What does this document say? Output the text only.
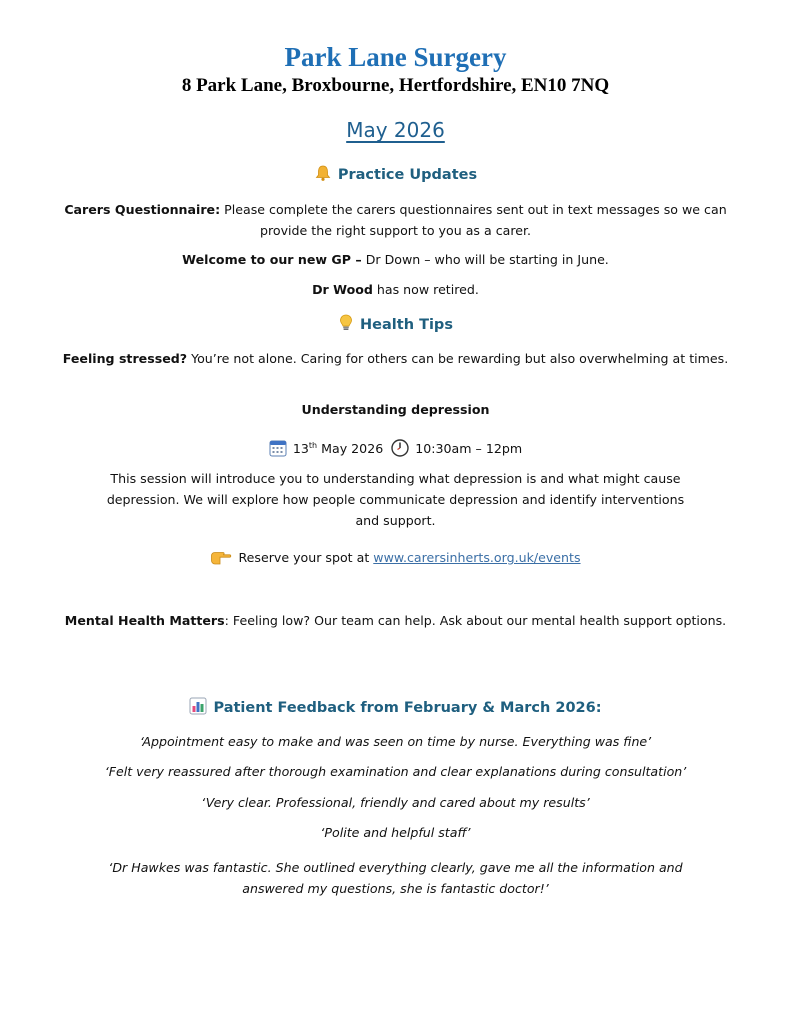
Park Lane Surgery
8 Park Lane, Broxbourne, Hertfordshire, EN10 7NQ
May 2026
Practice Updates
Carers Questionnaire: Please complete the carers questionnaires sent out in text messages so we can provide the right support to you as a carer.
Welcome to our new GP – Dr Down – who will be starting in June.
Dr Wood has now retired.
Health Tips
Feeling stressed? You’re not alone. Caring for others can be rewarding but also overwhelming at times.
Understanding depression
13th May 2026	10:30am – 12pm
This session will introduce you to understanding what depression is and what might cause depression. We will explore how people communicate depression and identify interventions and support.
Reserve your spot at www.carersinherts.org.uk/events
Mental Health Matters: Feeling low? Our team can help. Ask about our mental health support options.
Patient Feedback from February & March 2026:
‘Appointment easy to make and was seen on time by nurse. Everything was fine’
‘Felt very reassured after thorough examination and clear explanations during consultation’
‘Very clear. Professional, friendly and cared about my results’
‘Polite and helpful staff’
‘Dr Hawkes was fantastic. She outlined everything clearly, gave me all the information and answered my questions, she is fantastic doctor!’
